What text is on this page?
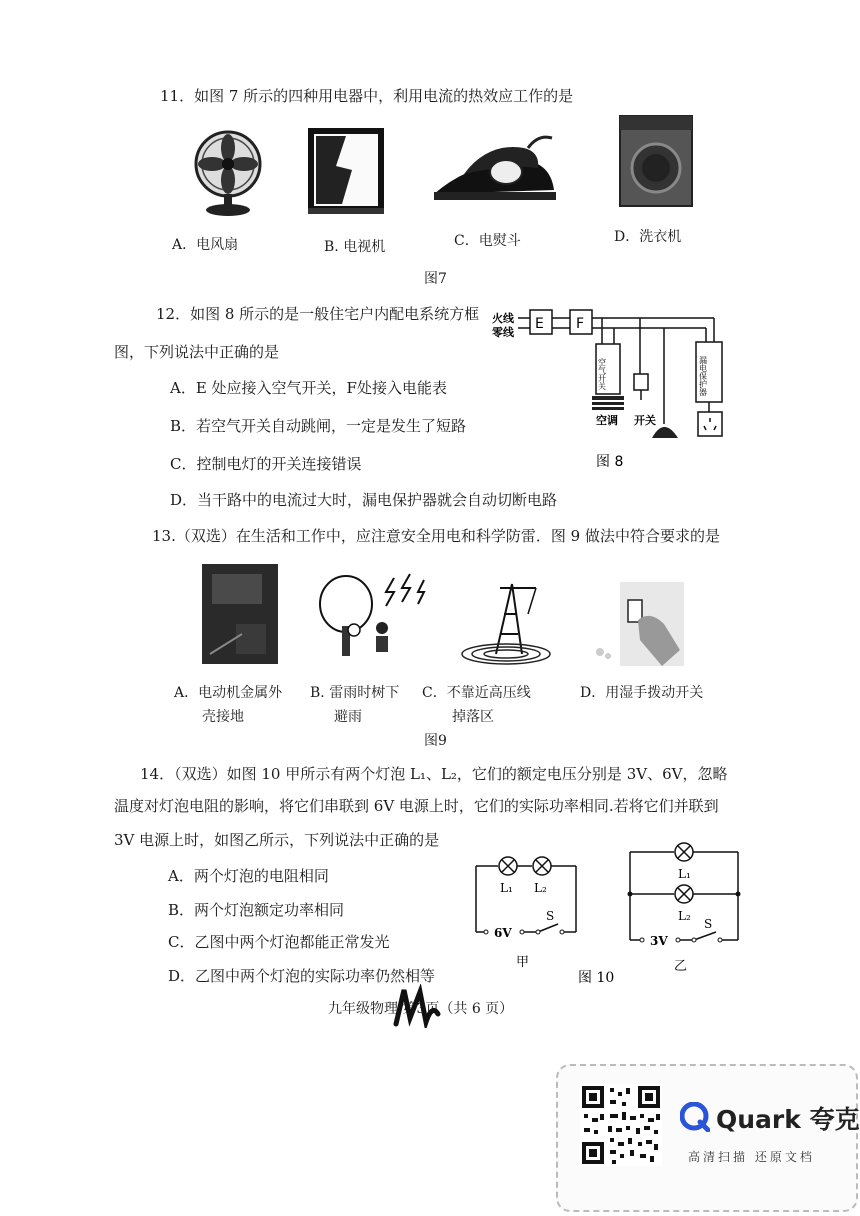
11．如图 7 所示的四种用电器中，利用电流的热效应工作的是
A．电风扇	B. 电视机	C．电熨斗	D．洗衣机
图7
12．如图 8 所示的是一般住宅户内配电系统方框
图，下列说法中正确的是
A．E 处应接入空气开关，F处接入电能表
B．若空气开关自动跳闸，一定是发生了短路
C．控制电灯的开关连接错误
D．当干路中的电流过大时，漏电保护器就会自动切断电路
火线
零线
E F
空气开关	漏电保护器
空调 开关
图 8
13.（双选）在生活和工作中，应注意安全用电和科学防雷．图 9 做法中符合要求的是
A．电动机金属外
壳接地
B. 雷雨时树下
避雨
C．不靠近高压线
掉落区
D．用湿手拨动开关
图9
14．（双选）如图 10 甲所示有两个灯泡 L₁、L₂，它们的额定电压分别是 3V、6V，忽略
温度对灯泡电阻的影响，将它们串联到 6V 电源上时，它们的实际功率相同.若将它们并联到
3V 电源上时，如图乙所示，下列说法中正确的是
A．两个灯泡的电阻相同
B．两个灯泡额定功率相同
C．乙图中两个灯泡都能正常发光
D．乙图中两个灯泡的实际功率仍然相等
L₁ L₂
6V
S
甲
L₁
L₂
3V
S
乙
图 10
九年级物理 第3页（共 6 页）
Quark 夸克
高清扫描 还原文档
